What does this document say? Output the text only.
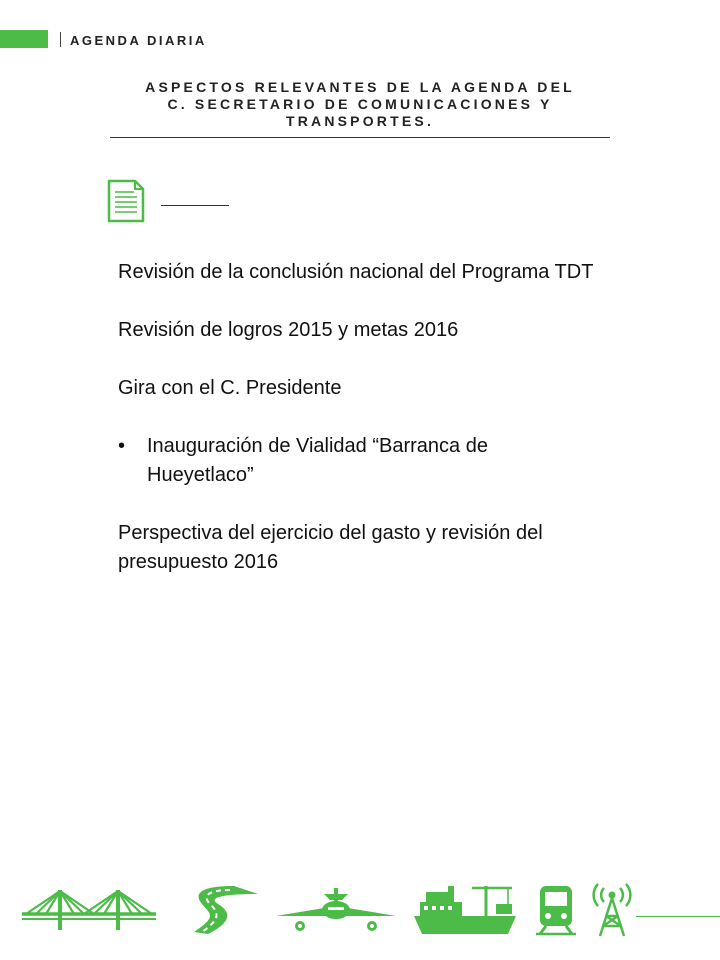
AGENDA DIARIA
ASPECTOS RELEVANTES DE LA AGENDA DEL
C. SECRETARIO DE COMUNICACIONES Y
TRANSPORTES.

Revisión de la conclusión nacional del Programa TDT

Revisión de logros 2015 y metas 2016

Gira con el C. Presidente

•	Inauguración de Vialidad “Barranca de
Hueyetlaco”

Perspectiva del ejercicio del gasto y revisión del presupuesto 2016
